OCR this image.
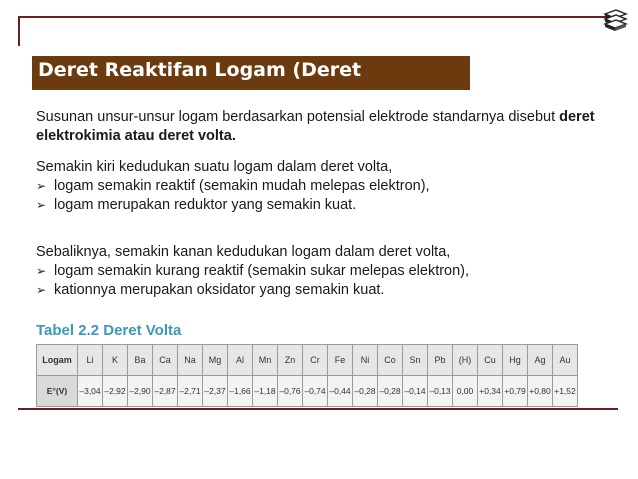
Deret Reaktifan Logam (Deret Volta)
Susunan unsur-unsur logam berdasarkan potensial elektrode standarnya disebut deret elektrokimia atau deret volta.
Semakin kiri kedudukan suatu logam dalam deret volta,
➢ logam semakin reaktif (semakin mudah melepas elektron),
➢ logam merupakan reduktor yang semakin kuat.
Sebaliknya, semakin kanan kedudukan logam dalam deret volta,
➢ logam semakin kurang reaktif (semakin sukar melepas elektron),
➢ kationnya merupakan oksidator yang semakin kuat.
Tabel 2.2 Deret Volta
Logam	Li	K	Ba	Ca	Na	Mg	Al	Mn	Zn	Cr	Fe	Ni	Co	Sn	Pb	(H)	Cu	Hg	Ag	Au
E°(V)	–3,04	–2,92	–2,90	–2,87	–2,71	–2,37	–1,66	–1,18	–0,76	–0,74	–0,44	–0,28	–0,28	–0,14	–0,13	0,00	+0,34	+0,79	+0,80	+1,52
